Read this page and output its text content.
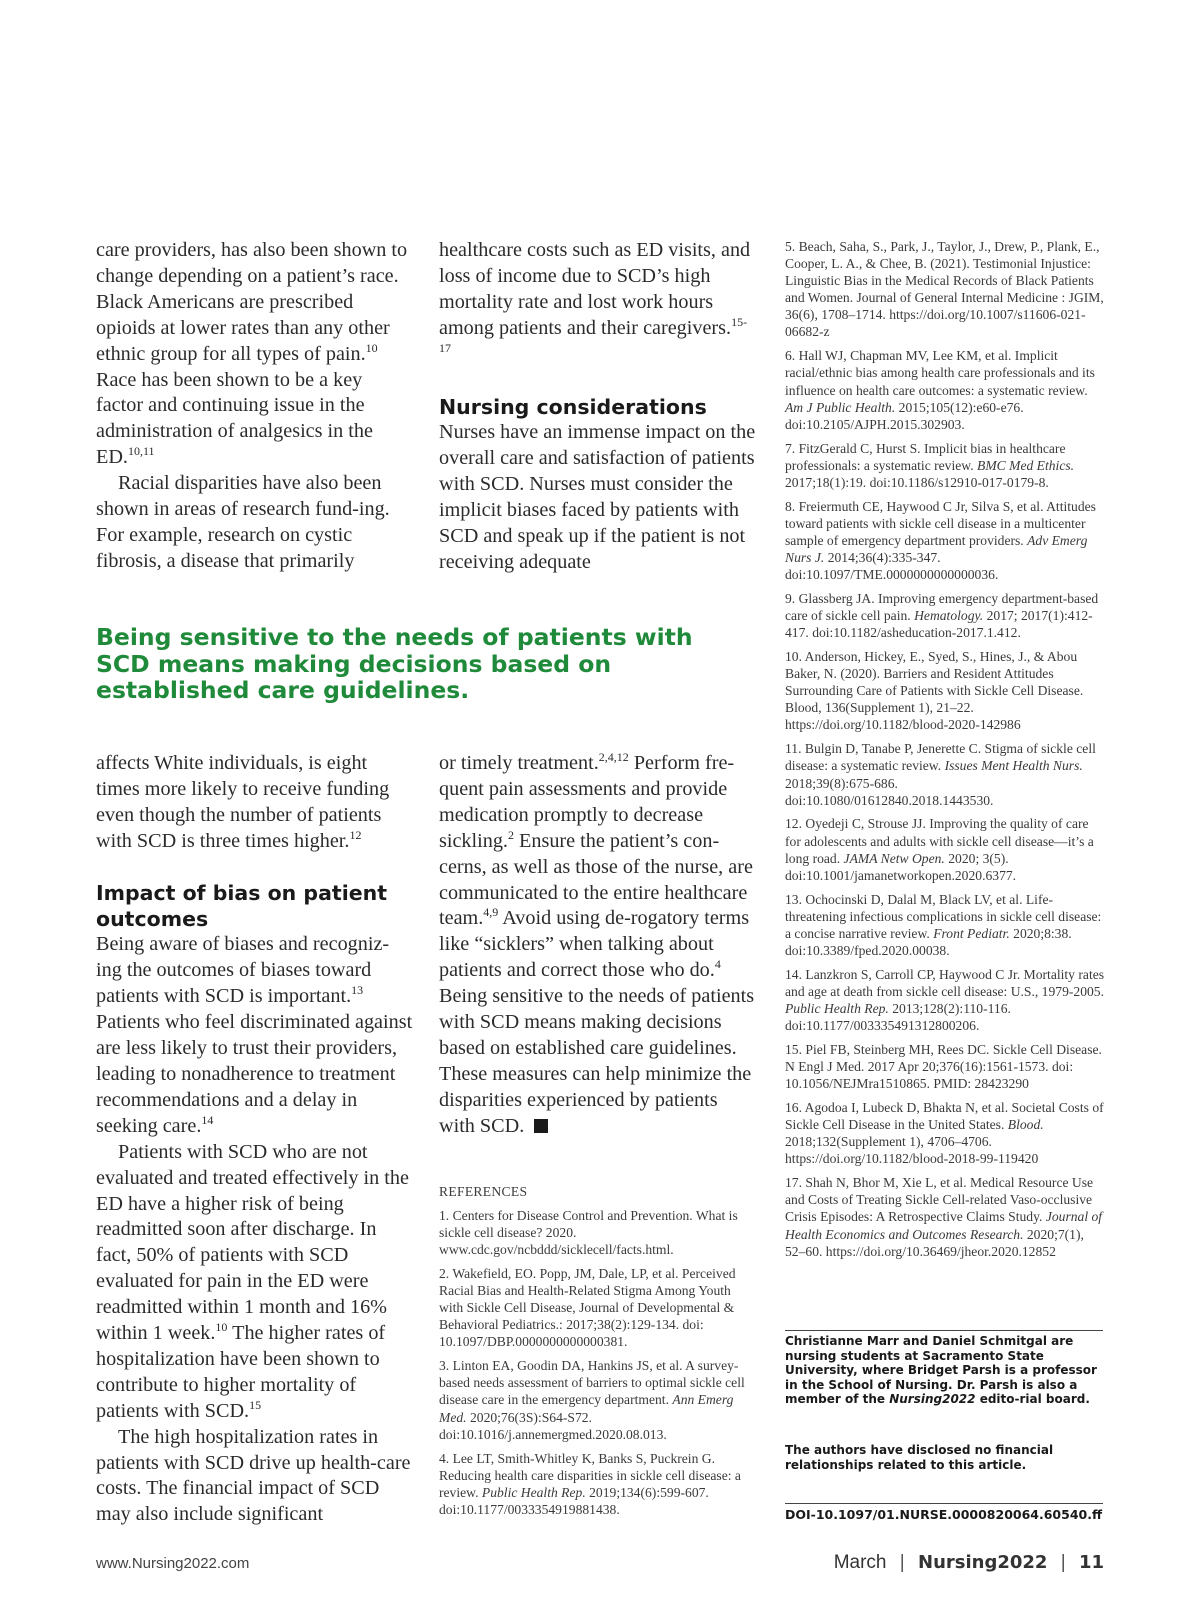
care providers, has also been shown to change depending on a patient’s race. Black Americans are prescribed opioids at lower rates than any other ethnic group for all types of pain.$^{10}$ Race has been shown to be a key factor and continuing issue in the administration of analgesics in the ED.$^{10,11}$

Racial disparities have also been shown in areas of research fund-ing. For example, research on cystic fibrosis, a disease that primarily

healthcare costs such as ED visits, and loss of income due to SCD’s high mortality rate and lost work hours among patients and their caregivers.$^{15-17}$

Nursing considerations

Nurses have an immense impact on the overall care and satisfaction of patients with SCD. Nurses must consider the implicit biases faced by patients with SCD and speak up if the patient is not receiving adequate

Being sensitive to the needs of patients with SCD means making decisions based on established care guidelines.

affects White individuals, is eight times more likely to receive funding even though the number of patients with SCD is three times higher.$^{12}$

Impact of bias on patient outcomes

Being aware of biases and recogniz-ing the outcomes of biases toward patients with SCD is important.$^{13}$ Patients who feel discriminated against are less likely to trust their providers, leading to nonadherence to treatment recommendations and a delay in seeking care.$^{14}$

Patients with SCD who are not evaluated and treated effectively in the ED have a higher risk of being readmitted soon after discharge. In fact, 50% of patients with SCD evaluated for pain in the ED were readmitted within 1 month and 16% within 1 week.$^{10}$ The higher rates of hospitalization have been shown to contribute to higher mortality of patients with SCD.$^{15}$

The high hospitalization rates in patients with SCD drive up health-care costs. The financial impact of SCD may also include significant

or timely treatment.$^{2,4,12}$ Perform fre-quent pain assessments and provide medication promptly to decrease sickling.$^2$ Ensure the patient’s con-cerns, as well as those of the nurse, are communicated to the entire healthcare team.$^{4,9}$ Avoid using de-rogatory terms like “sicklers” when talking about patients and correct those who do.$^4$ Being sensitive to the needs of patients with SCD means making decisions based on established care guidelines. These measures can help minimize the disparities experienced by patients with SCD.

REFERENCES

1. Centers for Disease Control and Prevention. What is sickle cell disease? 2020. www.cdc.gov/ncbddd/sicklecell/facts.html.

2. Wakefield, EO. Popp, JM, Dale, LP, et al. Perceived Racial Bias and Health-Related Stigma Among Youth with Sickle Cell Disease, Journal of Developmental & Behavioral Pediatrics.: 2017;38(2):129-134. doi: 10.1097/DBP.0000000000000381.

3. Linton EA, Goodin DA, Hankins JS, et al. A survey-based needs assessment of barriers to optimal sickle cell disease care in the emergency department. Ann Emerg Med. 2020;76(3S):S64-S72. doi:10.1016/j.annemergmed.2020.08.013.

4. Lee LT, Smith-Whitley K, Banks S, Puckrein G. Reducing health care disparities in sickle cell disease: a review. Public Health Rep. 2019;134(6):599-607. doi:10.1177/0033354919881438.

5. Beach, Saha, S., Park, J., Taylor, J., Drew, P., Plank, E., Cooper, L. A., & Chee, B. (2021). Testimonial Injustice: Linguistic Bias in the Medical Records of Black Patients and Women. Journal of General Internal Medicine : JGIM, 36(6), 1708–1714. https://doi.org/10.1007/s11606-021-06682-z

6. Hall WJ, Chapman MV, Lee KM, et al. Implicit racial/ethnic bias among health care professionals and its influence on health care outcomes: a systematic review. Am J Public Health. 2015;105(12):e60-e76. doi:10.2105/AJPH.2015.302903.

7. FitzGerald C, Hurst S. Implicit bias in healthcare professionals: a systematic review. BMC Med Ethics. 2017;18(1):19. doi:10.1186/s12910-017-0179-8.

8. Freiermuth CE, Haywood C Jr, Silva S, et al. Attitudes toward patients with sickle cell disease in a multicenter sample of emergency department providers. Adv Emerg Nurs J. 2014;36(4):335-347. doi:10.1097/TME.0000000000000036.

9. Glassberg JA. Improving emergency department-based care of sickle cell pain. Hematology. 2017; 2017(1):412-417. doi:10.1182/asheducation-2017.1.412.

10. Anderson, Hickey, E., Syed, S., Hines, J., & Abou Baker, N. (2020). Barriers and Resident Attitudes Surrounding Care of Patients with Sickle Cell Disease. Blood, 136(Supplement 1), 21–22. https://doi.org/10.1182/blood-2020-142986

11. Bulgin D, Tanabe P, Jenerette C. Stigma of sickle cell disease: a systematic review. Issues Ment Health Nurs. 2018;39(8):675-686. doi:10.1080/01612840.2018.1443530.

12. Oyedeji C, Strouse JJ. Improving the quality of care for adolescents and adults with sickle cell disease—it’s a long road. JAMA Netw Open. 2020; 3(5). doi:10.1001/jamanetworkopen.2020.6377.

13. Ochocinski D, Dalal M, Black LV, et al. Life-threatening infectious complications in sickle cell disease: a concise narrative review. Front Pediatr. 2020;8:38. doi:10.3389/fped.2020.00038.

14. Lanzkron S, Carroll CP, Haywood C Jr. Mortality rates and age at death from sickle cell disease: U.S., 1979-2005. Public Health Rep. 2013;128(2):110-116. doi:10.1177/003335491312800206.

15. Piel FB, Steinberg MH, Rees DC. Sickle Cell Disease. N Engl J Med. 2017 Apr 20;376(16):1561-1573. doi: 10.1056/NEJMra1510865. PMID: 28423290

16. Agodoa I, Lubeck D, Bhakta N, et al. Societal Costs of Sickle Cell Disease in the United States. Blood. 2018;132(Supplement 1), 4706–4706. https://doi.org/10.1182/blood-2018-99-119420

17. Shah N, Bhor M, Xie L, et al. Medical Resource Use and Costs of Treating Sickle Cell-related Vaso-occlusive Crisis Episodes: A Retrospective Claims Study. Journal of Health Economics and Outcomes Research. 2020;7(1), 52–60. https://doi.org/10.36469/jheor.2020.12852

Christianne Marr and Daniel Schmitgal are nursing students at Sacramento State University, where Bridget Parsh is a professor in the School of Nursing. Dr. Parsh is also a member of the Nursing2022 edito-rial board.

The authors have disclosed no financial relationships related to this article.

DOI-10.1097/01.NURSE.0000820064.60540.ff

www.Nursing2022.com	March | Nursing2022 | 11
